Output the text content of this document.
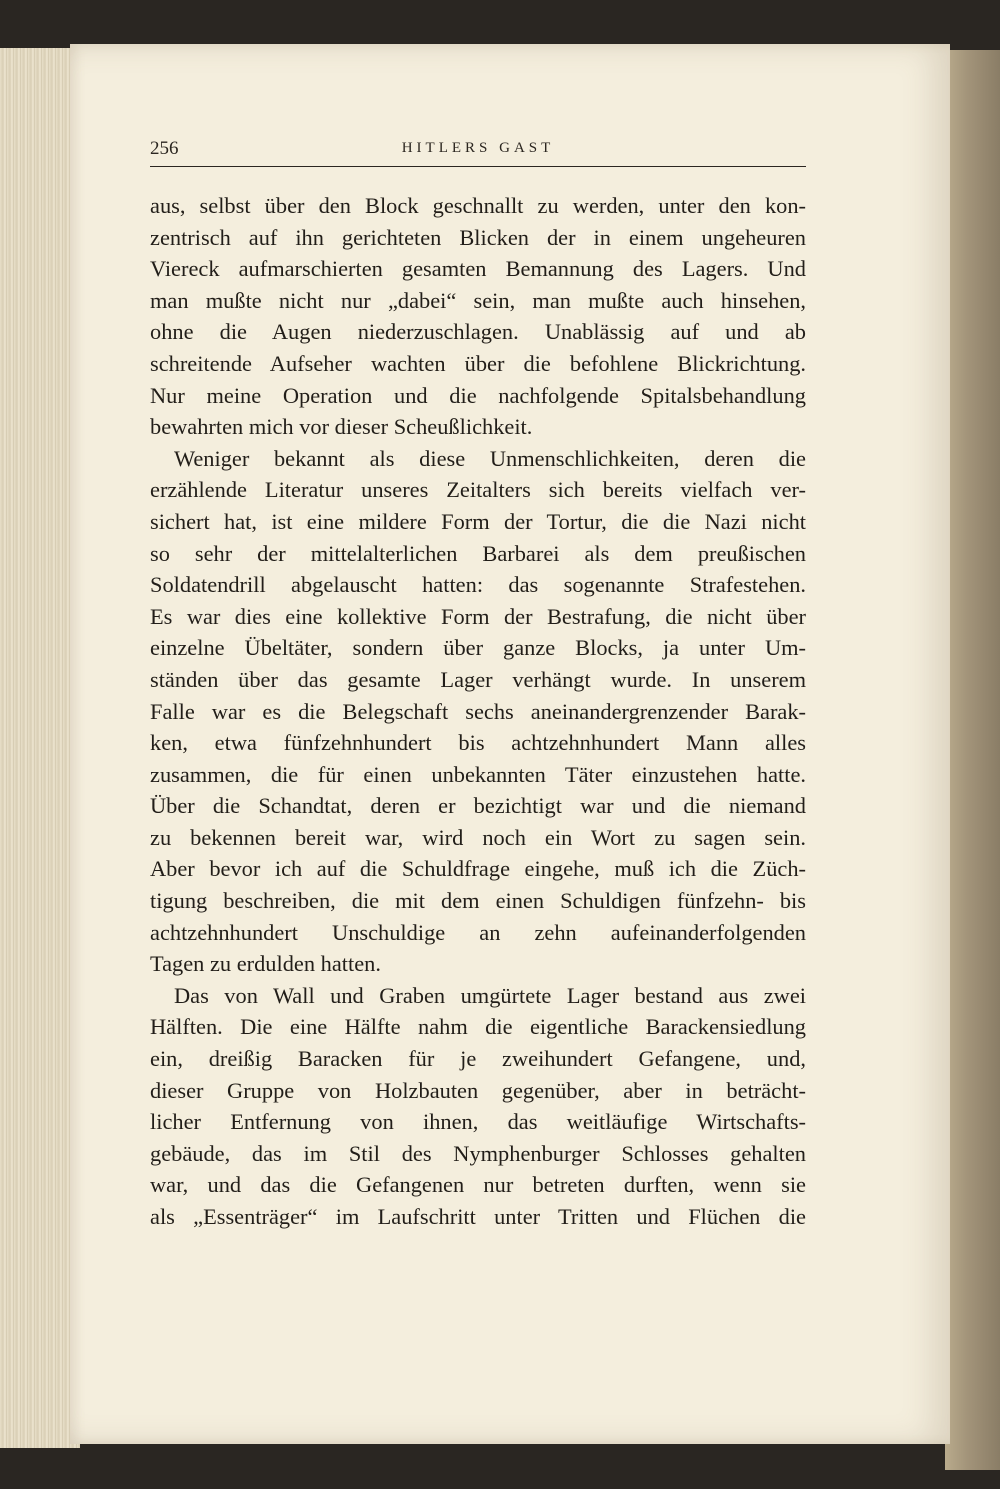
256	HITLERS GAST
aus, selbst über den Block geschnallt zu werden, unter den kon-
zentrisch auf ihn gerichteten Blicken der in einem ungeheuren
Viereck aufmarschierten gesamten Bemannung des Lagers. Und
man mußte nicht nur „dabei“ sein, man mußte auch hinsehen,
ohne die Augen niederzuschlagen. Unablässig auf und ab
schreitende Aufseher wachten über die befohlene Blickrichtung.
Nur meine Operation und die nachfolgende Spitalsbehandlung
bewahrten mich vor dieser Scheußlichkeit.
Weniger bekannt als diese Unmenschlichkeiten, deren die
erzählende Literatur unseres Zeitalters sich bereits vielfach ver-
sichert hat, ist eine mildere Form der Tortur, die die Nazi nicht
so sehr der mittelalterlichen Barbarei als dem preußischen
Soldatendrill abgelauscht hatten: das sogenannte Strafestehen.
Es war dies eine kollektive Form der Bestrafung, die nicht über
einzelne Übeltäter, sondern über ganze Blocks, ja unter Um-
ständen über das gesamte Lager verhängt wurde. In unserem
Falle war es die Belegschaft sechs aneinandergrenzender Barak-
ken, etwa fünfzehnhundert bis achtzehnhundert Mann alles
zusammen, die für einen unbekannten Täter einzustehen hatte.
Über die Schandtat, deren er bezichtigt war und die niemand
zu bekennen bereit war, wird noch ein Wort zu sagen sein.
Aber bevor ich auf die Schuldfrage eingehe, muß ich die Züch-
tigung beschreiben, die mit dem einen Schuldigen fünfzehn- bis
achtzehnhundert Unschuldige an zehn aufeinanderfolgenden
Tagen zu erdulden hatten.
Das von Wall und Graben umgürtete Lager bestand aus zwei
Hälften. Die eine Hälfte nahm die eigentliche Barackensiedlung
ein, dreißig Baracken für je zweihundert Gefangene, und,
dieser Gruppe von Holzbauten gegenüber, aber in beträcht-
licher Entfernung von ihnen, das weitläufige Wirtschafts-
gebäude, das im Stil des Nymphenburger Schlosses gehalten
war, und das die Gefangenen nur betreten durften, wenn sie
als „Essenträger“ im Laufschritt unter Tritten und Flüchen die
